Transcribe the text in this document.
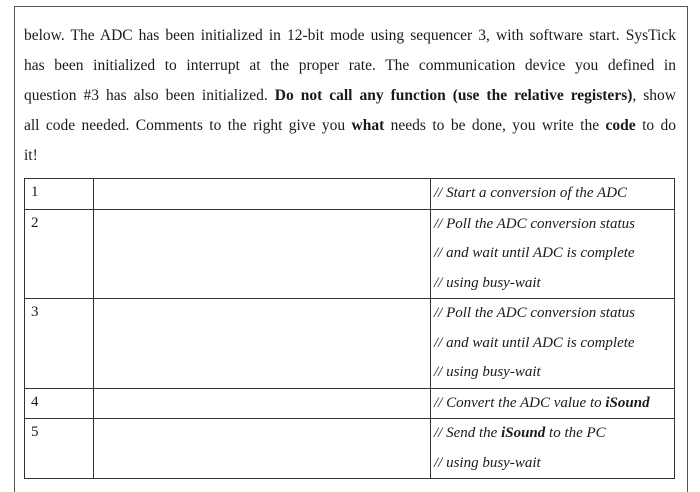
below. The ADC has been initialized in 12-bit mode using sequencer 3, with software start. SysTick
has been initialized to interrupt at the proper rate. The communication device you defined in
question #3 has also been initialized. Do not call any function (use the relative registers), show
all code needed. Comments to the right give you what needs to be done, you write the code to do
it!

1		// Start a conversion of the ADC

2		// Poll the ADC conversion status
// and wait until ADC is complete
// using busy-wait

3		// Poll the ADC conversion status
// and wait until ADC is complete
// using busy-wait

4		// Convert the ADC value to iSound

5		// Send the iSound to the PC
// using busy-wait
